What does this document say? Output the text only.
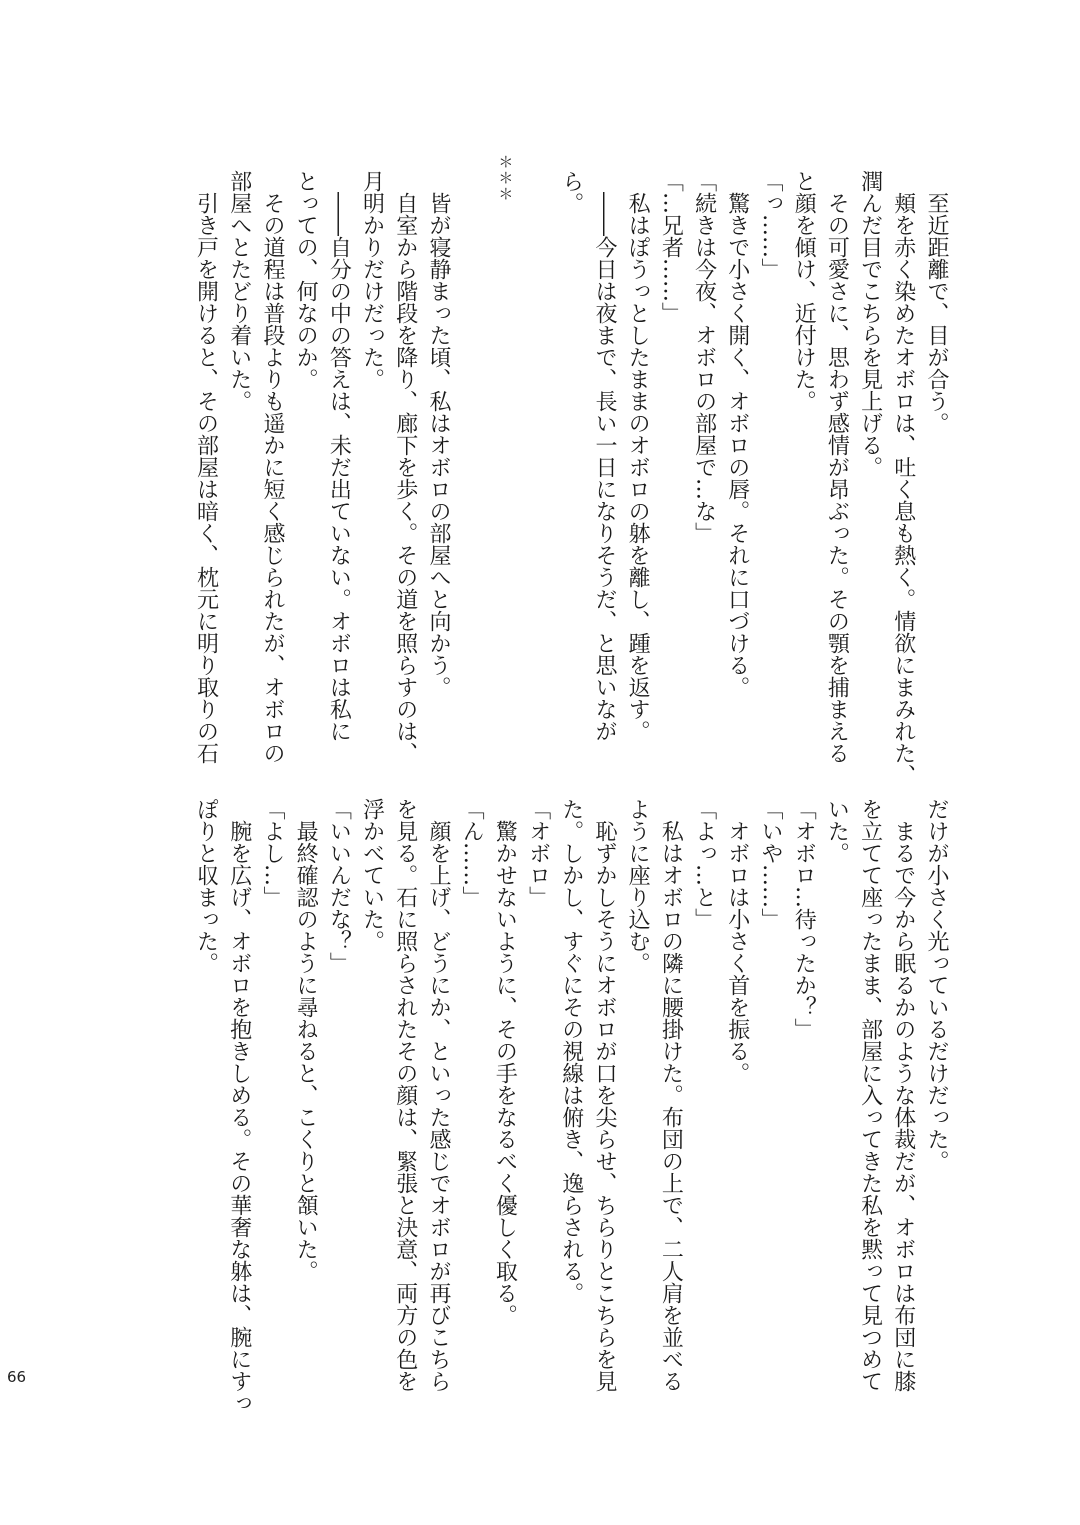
　至近距離で、目が合う。
　頬を赤く染めたオボロは、吐く息も熱く。情欲にまみれた、
潤んだ目でこちらを見上げる。
　その可愛さに、思わず感情が昂ぶった。その顎を捕まえる
と顔を傾け、近付けた。
「っ……」
　驚きで小さく開く、オボロの唇。それに口づける。
「続きは今夜、オボロの部屋で…な」
「…兄者……」
　私はぽうっとしたままのオボロの躰を離し、踵を返す。
　――今日は夜まで、長い一日になりそうだ、と思いなが
ら。
＊＊＊
　皆が寝静まった頃、私はオボロの部屋へと向かう。
　自室から階段を降り、廊下を歩く。その道を照らすのは、
月明かりだけだった。
　――自分の中の答えは、未だ出ていない。オボロは私に
とっての、何なのか。
　その道程は普段よりも遥かに短く感じられたが、オボロの
部屋へとたどり着いた。
　引き戸を開けると、その部屋は暗く、枕元に明り取りの石
だけが小さく光っているだけだった。
　まるで今から眠るかのような体裁だが、オボロは布団に膝
を立てて座ったまま、部屋に入ってきた私を黙って見つめて
いた。
「オボロ…待ったか？」
「いや……」
　オボロは小さく首を振る。
「よっ…と」
　私はオボロの隣に腰掛けた。布団の上で、二人肩を並べる
ように座り込む。
　恥ずかしそうにオボロが口を尖らせ、ちらりとこちらを見
た。しかし、すぐにその視線は俯き、逸らされる。
「オボロ」
　驚かせないように、その手をなるべく優しく取る。
「ん……」
　顔を上げ、どうにか、といった感じでオボロが再びこちら
を見る。石に照らされたその顔は、緊張と決意、両方の色を
浮かべていた。
「いいんだな？」
　最終確認のように尋ねると、こくりと頷いた。
「よし…」
　腕を広げ、オボロを抱きしめる。その華奢な躰は、腕にすっ
ぽりと収まった。
66
